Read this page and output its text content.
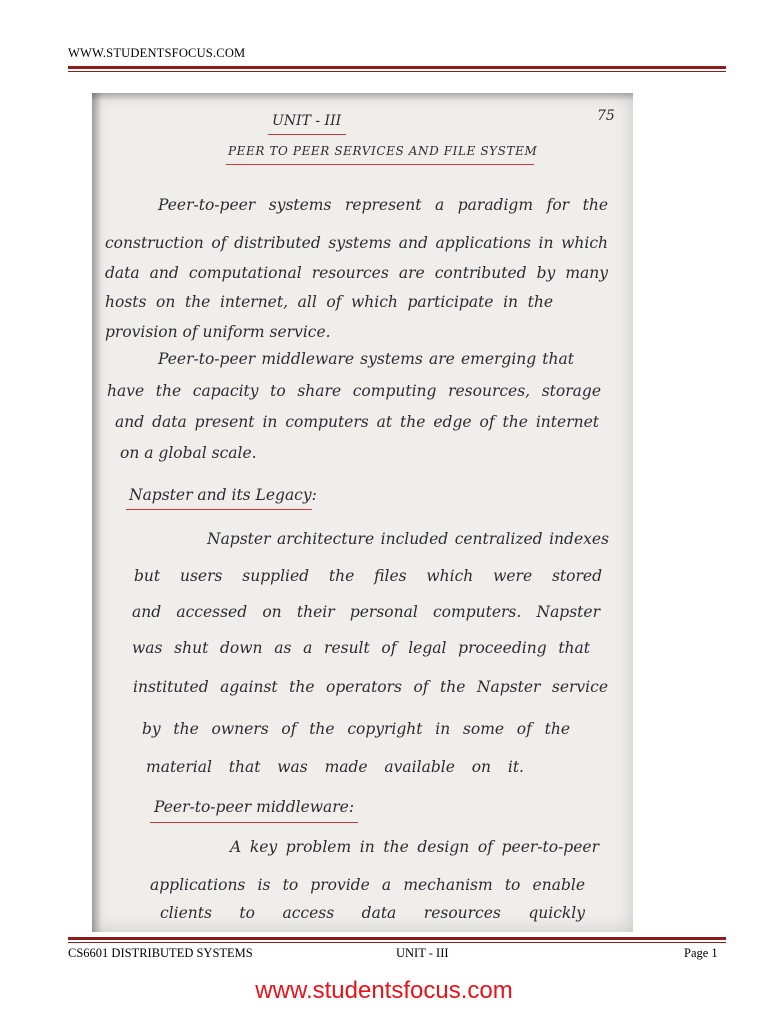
WWW.STUDENTSFOCUS.COM
75
UNIT - III
PEER TO PEER SERVICES AND FILE SYSTEM
Peer-to-peer systems represent a paradigm for the
construction of distributed systems and applications in which
data and computational resources are contributed by many
hosts on the internet, all of which participate in the
provision of uniform service.
Peer-to-peer middleware systems are emerging that
have the capacity to share computing resources, storage
and data present in computers at the edge of the internet
on a global scale.
Napster and its Legacy:
Napster architecture included centralized indexes
but users supplied the files which were stored
and accessed on their personal computers. Napster
was shut down as a result of legal proceeding that
instituted against the operators of the Napster service
by the owners of the copyright in some of the
material that was made available on it.
Peer-to-peer middleware:
A key problem in the design of peer-to-peer
applications is to provide a mechanism to enable
clients to access data resources quickly
CS6601 DISTRIBUTED SYSTEMS	UNIT - III	Page 1
www.studentsfocus.com
